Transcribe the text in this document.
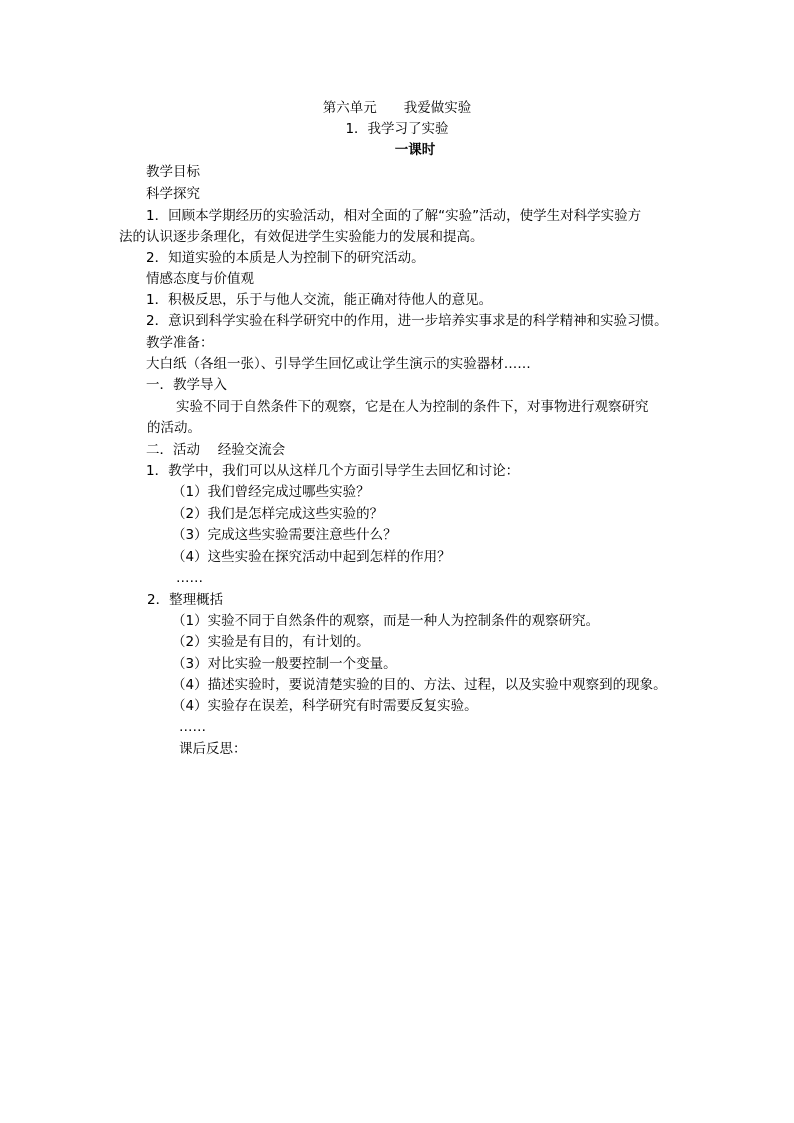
第六单元　　我爱做实验
1．我学习了实验
一课时
教学目标
科学探究
1．回顾本学期经历的实验活动，相对全面的了解“实验”活动，使学生对科学实验方
法的认识逐步条理化，有效促进学生实验能力的发展和提高。
2．知道实验的本质是人为控制下的研究活动。
情感态度与价值观
1．积极反思，乐于与他人交流，能正确对待他人的意见。
2．意识到科学实验在科学研究中的作用，进一步培养实事求是的科学精神和实验习惯。
教学准备：
大白纸（各组一张）、引导学生回忆或让学生演示的实验器材……
一．教学导入
实验不同于自然条件下的观察，它是在人为控制的条件下，对事物进行观察研究
的活动。
二．活动　 经验交流会
1．教学中，我们可以从这样几个方面引导学生去回忆和讨论：
（1）我们曾经完成过哪些实验？
（2）我们是怎样完成这些实验的？
（3）完成这些实验需要注意些什么？
（4）这些实验在探究活动中起到怎样的作用？
……
2．整理概括
（1）实验不同于自然条件的观察，而是一种人为控制条件的观察研究。
（2）实验是有目的，有计划的。
（3）对比实验一般要控制一个变量。
（4）描述实验时，要说清楚实验的目的、方法、过程，以及实验中观察到的现象。
（4）实验存在误差，科学研究有时需要反复实验。
……
课后反思：
